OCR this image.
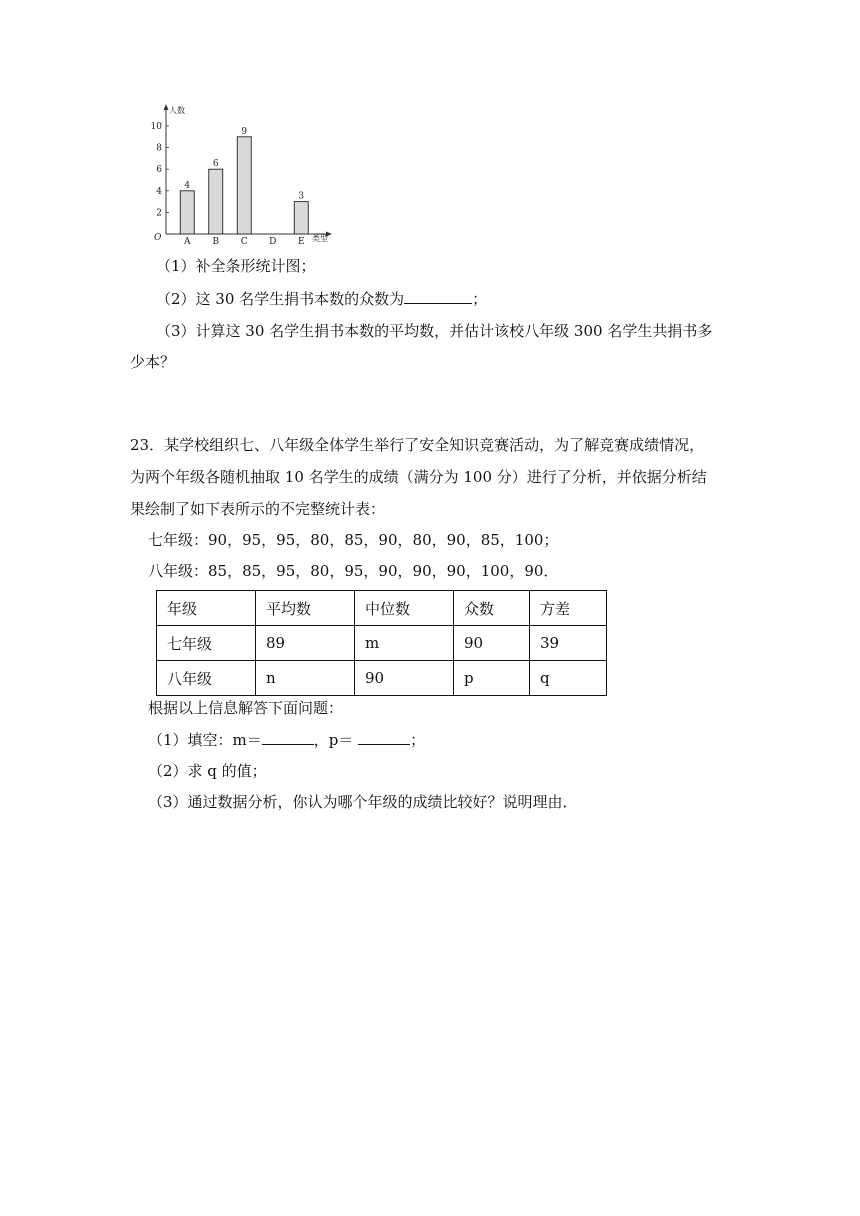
人数
类型
O
2
4
6
8
10
4
A
6
B
9
C D
3
E
（1）补全条形统计图；
（2）这 30 名学生捐书本数的众数为	；
（3）计算这 30 名学生捐书本数的平均数，并估计该校八年级 300 名学生共捐书多
少本？
23．某学校组织七、八年级全体学生举行了安全知识竞赛活动，为了解竞赛成绩情况，
为两个年级各随机抽取 10 名学生的成绩（满分为 100 分）进行了分析，并依据分析结
果绘制了如下表所示的不完整统计表：
七年级：90，95，95，80，85，90，80，90，85，100；
八年级：85，85，95，80，95，90，90，90，100，90．
年级	平均数	中位数	众数	方差
七年级	89	m	90	39
八年级	n	90	p	q
根据以上信息解答下面问题：
（1）填空：m＝	，p＝	；
（2）求 q 的值；
（3）通过数据分析，你认为哪个年级的成绩比较好？说明理由．
